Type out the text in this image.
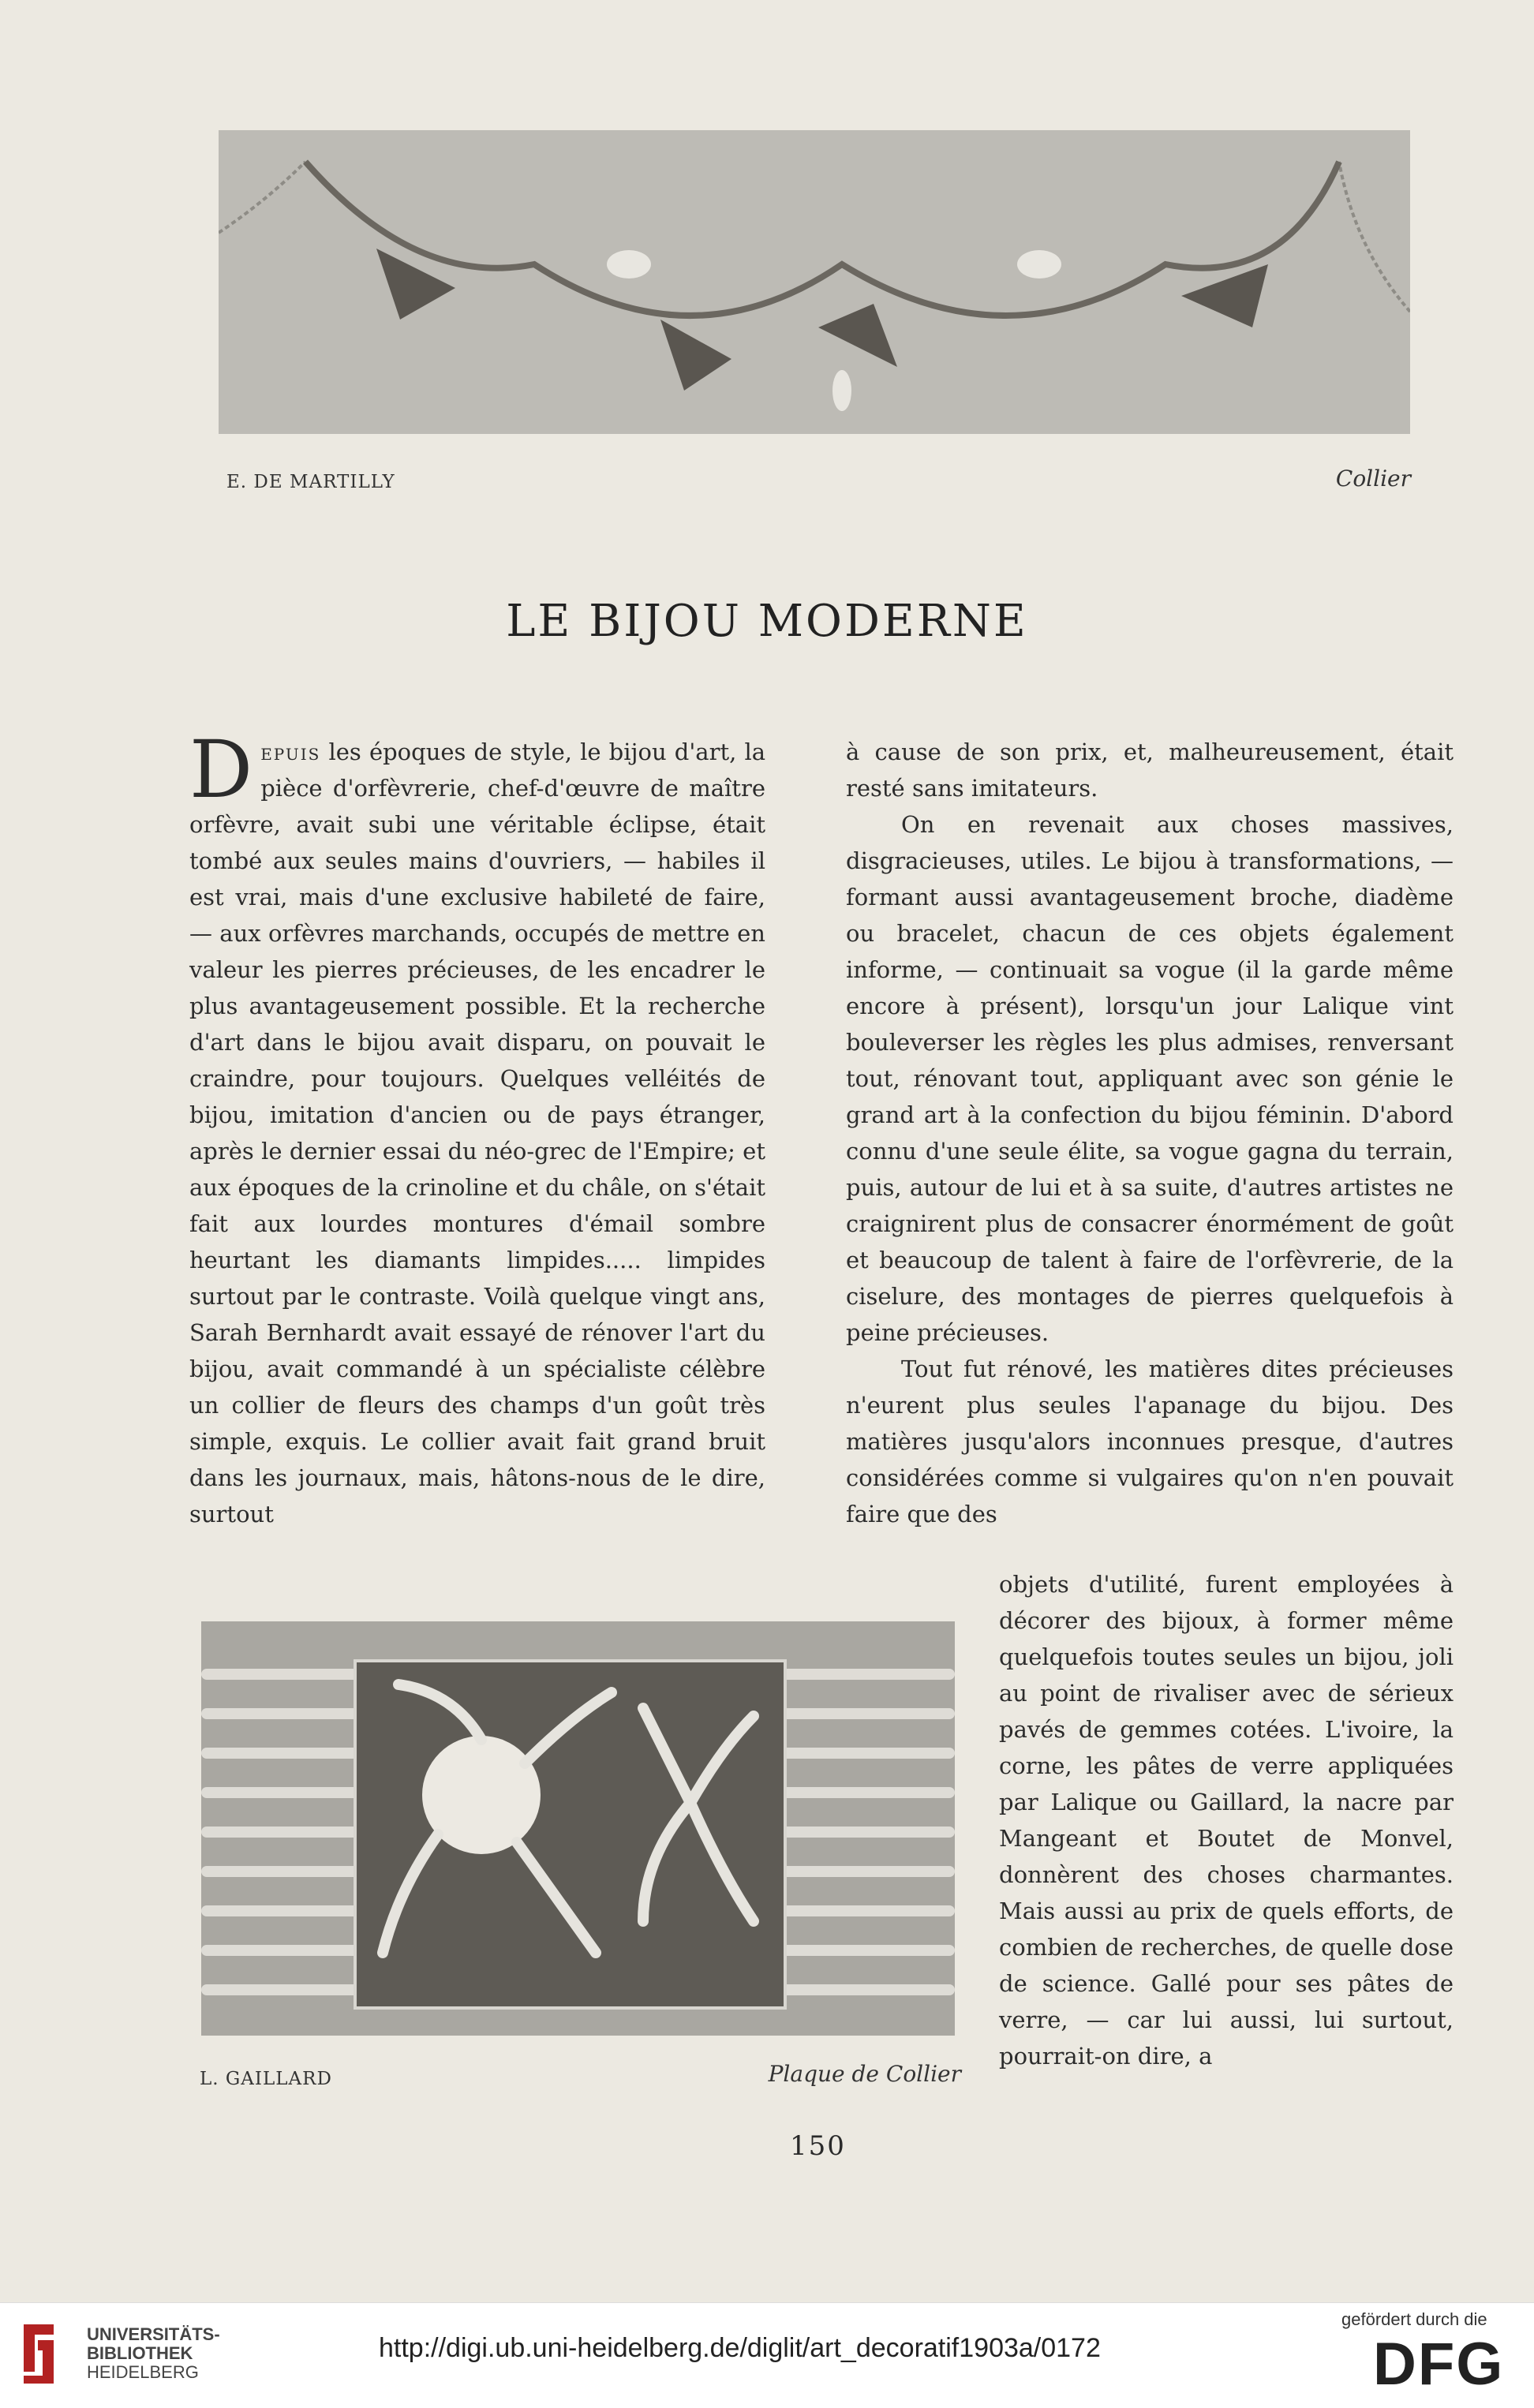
E. DE MARTILLY	Collier
LE BIJOU MODERNE

Depuis les époques de style, le bijou d'art, la pièce d'orfèvrerie, chef-d'œuvre de maître orfèvre, avait subi une véritable éclipse, était tombé aux seules mains d'ouvriers, — habiles il est vrai, mais d'une exclusive habileté de faire, — aux orfèvres marchands, occupés de mettre en valeur les pierres précieuses, de les encadrer le plus avantageusement possible. Et la recherche d'art dans le bijou avait disparu, on pouvait le craindre, pour toujours. Quelques velléités de bijou, imitation d'ancien ou de pays étranger, après le dernier essai du néo-grec de l'Empire; et aux époques de la crinoline et du châle, on s'était fait aux lourdes montures d'émail sombre heurtant les diamants limpides..... limpides surtout par le contraste. Voilà quelque vingt ans, Sarah Bernhardt avait essayé de rénover l'art du bijou, avait commandé à un spécialiste célèbre un collier de fleurs des champs d'un goût très simple, exquis. Le collier avait fait grand bruit dans les journaux, mais, hâtons-nous de le dire, surtout

à cause de son prix, et, malheureusement, était resté sans imitateurs.

On en revenait aux choses massives, disgracieuses, utiles. Le bijou à transformations, — formant aussi avantageusement broche, diadème ou bracelet, chacun de ces objets également informe, — continuait sa vogue (il la garde même encore à présent), lorsqu'un jour Lalique vint bouleverser les règles les plus admises, renversant tout, rénovant tout, appliquant avec son génie le grand art à la confection du bijou féminin. D'abord connu d'une seule élite, sa vogue gagna du terrain, puis, autour de lui et à sa suite, d'autres artistes ne craignirent plus de consacrer énormément de goût et beaucoup de talent à faire de l'orfèvrerie, de la ciselure, des montages de pierres quelquefois à peine précieuses.

Tout fut rénové, les matières dites précieuses n'eurent plus seules l'apanage du bijou. Des matières jusqu'alors inconnues presque, d'autres considérées comme si vulgaires qu'on n'en pouvait faire que des

objets d'utilité, furent employées à décorer des bijoux, à former même quelquefois toutes seules un bijou, joli au point de rivaliser avec de sérieux pavés de gemmes cotées. L'ivoire, la corne, les pâtes de verre appliquées par Lalique ou Gaillard, la nacre par Mangeant et Boutet de Monvel, donnèrent des choses charmantes. Mais aussi au prix de quels efforts, de combien de recherches, de quelle dose de science. Gallé pour ses pâtes de verre, — car lui aussi, lui surtout, pourrait-on dire, a

L. GAILLARD	Plaque de Collier
150
UNIVERSITÄTS-
BIBLIOTHEK
HEIDELBERG
http://digi.ub.uni-heidelberg.de/diglit/art_decoratif1903a/0172
gefördert durch die
DFG
